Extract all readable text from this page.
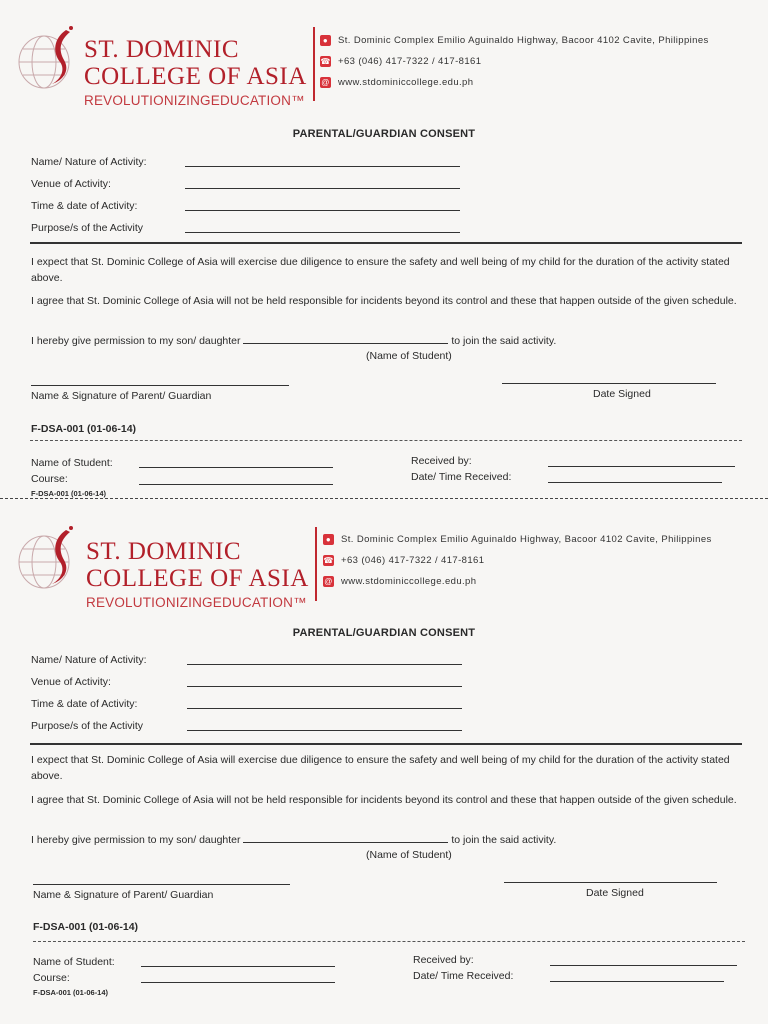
ST. DOMINIC
COLLEGE OF ASIA
REVOLUTIONIZINGEDUCATION™
●	St. Dominic Complex Emilio Aguinaldo Highway, Bacoor 4102 Cavite, Philippines
☎ +63 (046) 417-7322 / 417-8161
@ www.stdominiccollege.edu.ph
PARENTAL/GUARDIAN CONSENT
Name/ Nature of Activity:
Venue of Activity:
Time & date of Activity:
Purpose/s of the Activity
I expect that St. Dominic College of Asia will exercise due diligence to ensure the safety and well being of my child for the duration of the activity stated above.
I agree that St. Dominic College of Asia will not be held responsible for incidents beyond its control and these that happen outside of the given schedule.
I hereby give permission to my son/ daughter	to join the said activity.
(Name of Student)
Name & Signature of Parent/ Guardian	Date Signed
F-DSA-001 (01-06-14)
Name of Student:
Course:
F-DSA-001 (01-06-14)
Received by:
Date/ Time Received:
ST. DOMINIC
COLLEGE OF ASIA
REVOLUTIONIZINGEDUCATION™
●	St. Dominic Complex Emilio Aguinaldo Highway, Bacoor 4102 Cavite, Philippines
☎ +63 (046) 417-7322 / 417-8161
@ www.stdominiccollege.edu.ph
PARENTAL/GUARDIAN CONSENT
Name/ Nature of Activity:
Venue of Activity:
Time & date of Activity:
Purpose/s of the Activity
I expect that St. Dominic College of Asia will exercise due diligence to ensure the safety and well being of my child for the duration of the activity stated above.
I agree that St. Dominic College of Asia will not be held responsible for incidents beyond its control and these that happen outside of the given schedule.
I hereby give permission to my son/ daughter	to join the said activity.
(Name of Student)
Name & Signature of Parent/ Guardian	Date Signed
F-DSA-001 (01-06-14)
Name of Student:
Course:
F-DSA-001 (01-06-14)
Received by:
Date/ Time Received:
